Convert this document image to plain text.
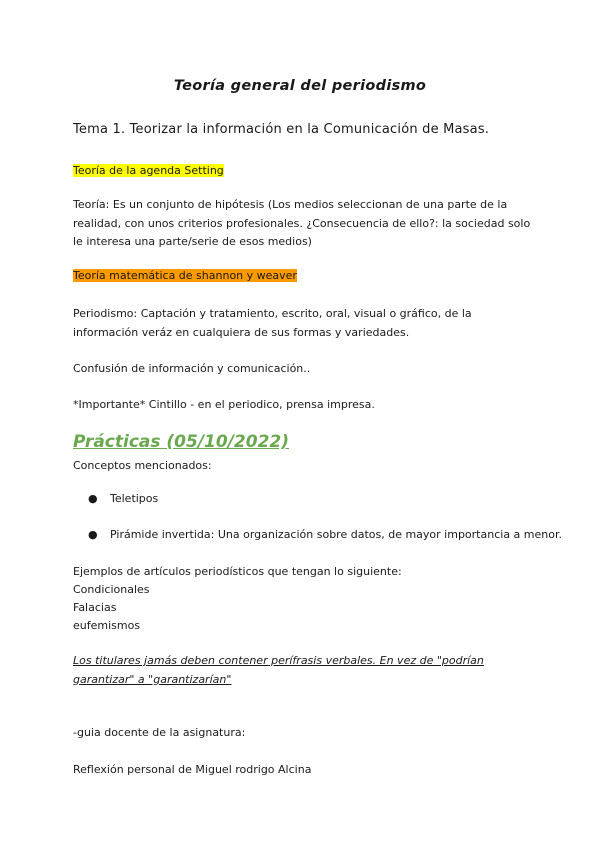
Teoría general del periodismo
Tema 1. Teorizar la información en la Comunicación de Masas.
Teoría de la agenda Setting
Teoría: Es un conjunto de hipótesis (Los medios seleccionan de una parte de la realidad, con unos criterios profesionales. ¿Consecuencia de ello?: la sociedad solo le interesa una parte/serie de esos medios)
Teoría matemática de shannon y weaver
Periodismo: Captación y tratamiento, escrito, oral, visual o gráfico, de la información veráz en cualquiera de sus formas y variedades.
Confusión de información y comunicación..
*Importante* Cintillo - en el periodico, prensa impresa.
Prácticas (05/10/2022)
Conceptos mencionados:
● Teletipos
● Pirámide invertida: Una organización sobre datos, de mayor importancia a menor.
Ejemplos de artículos periodísticos que tengan lo siguiente:
Condicionales
Falacias
eufemismos
Los titulares jamás deben contener perífrasis verbales. En vez de "podrían garantizar" a "garantizarían"
-guia docente de la asignatura:
Reflexión personal de Miguel rodrigo Alcina
